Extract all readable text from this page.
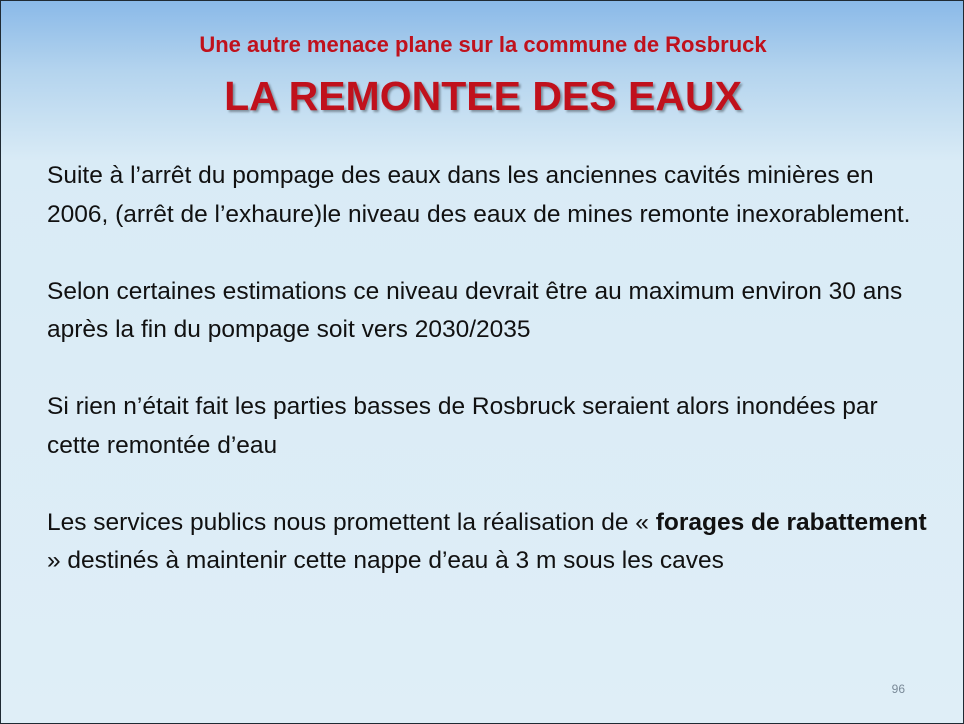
Une autre menace plane sur la commune de Rosbruck
LA REMONTEE DES EAUX

Suite à l’arrêt du pompage des eaux dans les anciennes cavités minières en 2006, (arrêt de l’exhaure)le niveau des eaux de mines remonte inexorablement.

Selon certaines estimations ce niveau devrait être au maximum environ 30 ans après la fin du pompage soit vers 2030/2035

Si rien n’était fait les parties basses de Rosbruck seraient alors inondées par cette remontée d’eau

Les services publics nous promettent la réalisation de « forages de rabattement » destinés à maintenir cette nappe d’eau à 3 m sous les caves

96
